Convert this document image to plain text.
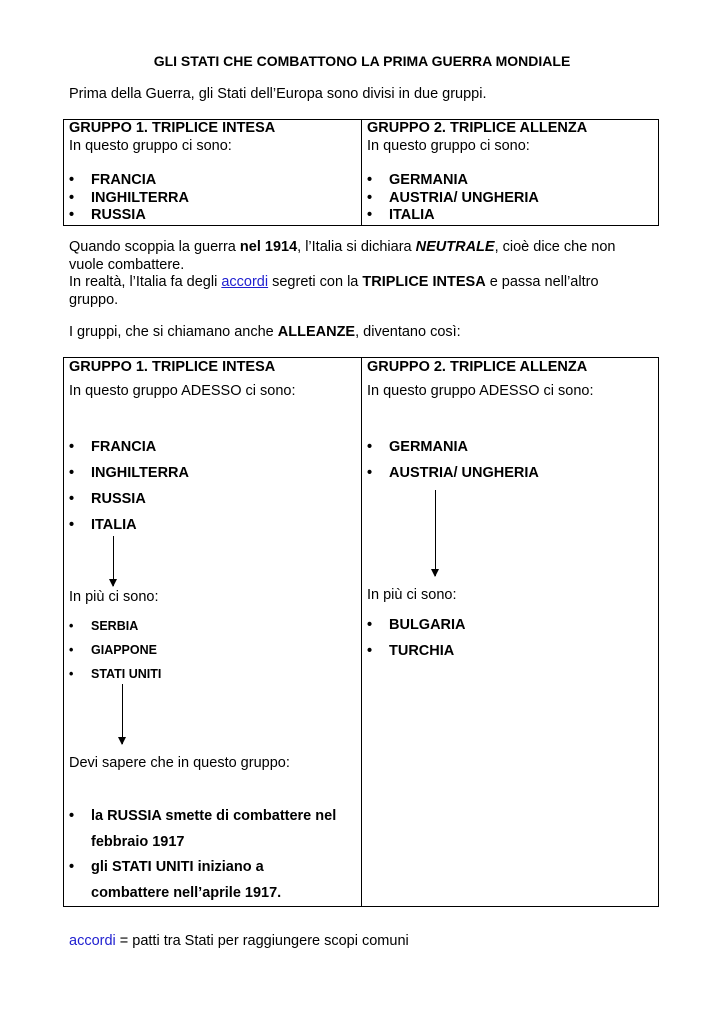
GLI STATI CHE COMBATTONO LA PRIMA GUERRA MONDIALE
Prima della Guerra, gli Stati dell’Europa sono divisi in due gruppi.
GRUPPO 1. TRIPLICE INTESA
In questo gruppo ci sono:
• FRANCIA
• INGHILTERRA
• RUSSIA

GRUPPO 2. TRIPLICE ALLENZA
In questo gruppo ci sono:
• GERMANIA
• AUSTRIA/ UNGHERIA
• ITALIA
Quando scoppia la guerra nel 1914, l’Italia si dichiara NEUTRALE, cioè dice che non vuole combattere.
In realtà, l’Italia fa degli accordi segreti con la TRIPLICE INTESA e passa nell’altro gruppo.
I gruppi, che si chiamano anche ALLEANZE, diventano così:
GRUPPO 1. TRIPLICE INTESA
In questo gruppo ADESSO ci sono:
• FRANCIA
• INGHILTERRA
• RUSSIA
• ITALIA
In più ci sono:
• SERBIA
• GIAPPONE
• STATI UNITI
Devi sapere che in questo gruppo:
• la RUSSIA smette di combattere nel febbraio 1917
• gli STATI UNITI iniziano a combattere nell’aprile 1917.

GRUPPO 2. TRIPLICE ALLENZA
In questo gruppo ADESSO ci sono:
• GERMANIA
• AUSTRIA/ UNGHERIA
In più ci sono:
• BULGARIA
• TURCHIA
accordi = patti tra Stati per raggiungere scopi comuni
